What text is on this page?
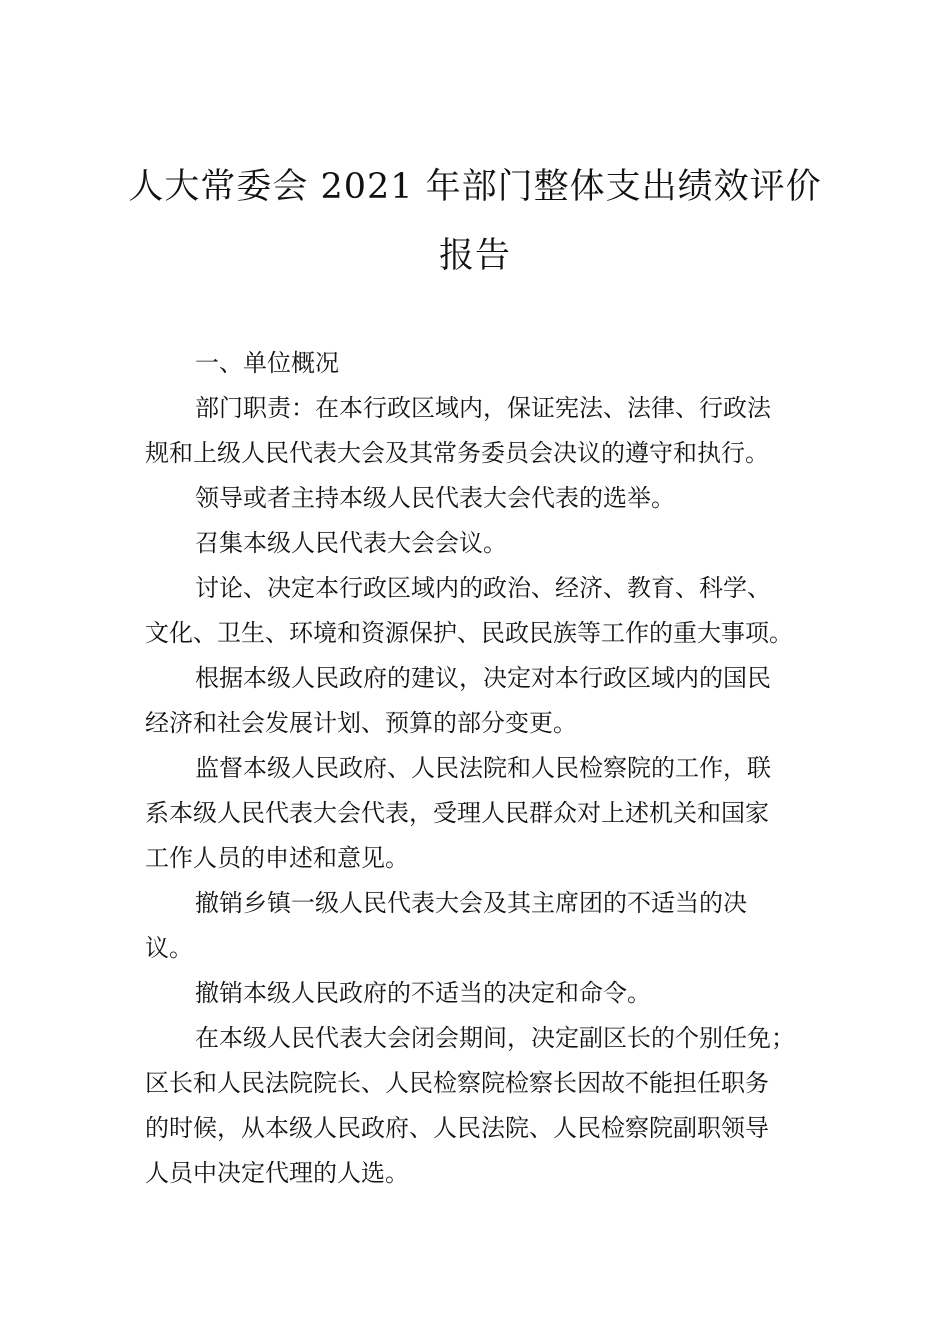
人大常委会 2021 年部门整体支出绩效评价
报告
一、单位概况
部门职责：在本行政区域内，保证宪法、法律、行政法
规和上级人民代表大会及其常务委员会决议的遵守和执行。
领导或者主持本级人民代表大会代表的选举。
召集本级人民代表大会会议。
讨论、决定本行政区域内的政治、经济、教育、科学、
文化、卫生、环境和资源保护、民政民族等工作的重大事项。
根据本级人民政府的建议，决定对本行政区域内的国民
经济和社会发展计划、预算的部分变更。
监督本级人民政府、人民法院和人民检察院的工作，联
系本级人民代表大会代表，受理人民群众对上述机关和国家
工作人员的申述和意见。
撤销乡镇一级人民代表大会及其主席团的不适当的决
议。
撤销本级人民政府的不适当的决定和命令。
在本级人民代表大会闭会期间，决定副区长的个别任免；
区长和人民法院院长、人民检察院检察长因故不能担任职务
的时候，从本级人民政府、人民法院、人民检察院副职领导
人员中决定代理的人选。
